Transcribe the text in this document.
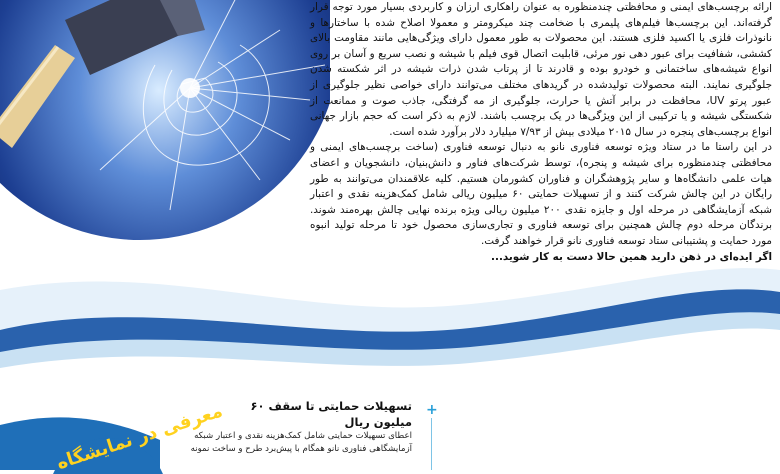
ارائه برچسب‌های ایمنی و محافظتی چندمنظوره به عنوان راهکاری ارزان و کاربردی بسیار مورد توجه قرار گرفته‌اند. این برچسب‌ها فیلم‌های پلیمری با ضخامت چند میکرومتر و معمولا اصلاح شده با ساختارها و نانوذرات فلزی یا اکسید فلزی هستند. این محصولات به طور معمول دارای ویژگی‌هایی مانند مقاومت بالای کششی، شفافیت برای عبور دهی نور مرئی، قابلیت اتصال قوی فیلم با شیشه و نصب سریع و آسان بر روی انواع شیشه‌های ساختمانی و خودرو بوده و قادرند تا از پرتاب شدن ذرات شیشه در اثر شکسته شدن جلوگیری نمایند. البته محصولات تولیدشده در گریدهای مختلف می‌توانند دارای خواصی نظیر جلوگیری از عبور پرتو UV، محافظت در برابر آتش یا حرارت، جلوگیری از مه گرفتگی، جاذب صوت و ممانعت از شکستگی شیشه و یا ترکیبی از این ویژگی‌ها در یک برچسب باشند. لازم به ذکر است که حجم بازار جهانی انواع برچسب‌های پنجره در سال ۲۰۱۵ میلادی بیش از ۷/۹۳ میلیارد دلار برآورد شده است.

در این راستا ما در ستاد ویژه توسعه فناوری نانو به دنبال توسعه فناوری (ساخت برچسب‌های ایمنی و محافظتی چندمنظوره برای شیشه و پنجره)، توسط شرکت‌های فناور و دانش‌بنیان، دانشجویان و اعضای هیات علمی دانشگاه‌ها و سایر پژوهشگران و فناوران کشورمان هستیم. کلیه علاقمندان می‌توانند به طور رایگان در این چالش شرکت کنند و از تسهیلات حمایتی ۶۰ میلیون ریالی شامل کمک‌هزینه نقدی و اعتبار شبکه آزمایشگاهی در مرحله اول و جایزه نقدی ۲۰۰ میلیون ریالی ویژه برنده نهایی چالش بهره‌مند شوند. برندگان مرحله دوم چالش همچنین برای توسعه فناوری و تجاری‌سازی محصول خود تا مرحله تولید انبوه مورد حمایت و پشتیبانی ستاد توسعه فناوری نانو قرار خواهند گرفت.

اگر ایده‌ای در ذهن دارید همین حالا دست به کار شوید...

+
تسهیلات حمایتی تا سقف ۶۰ میلیون ریال
اعطای تسهیلات حمایتی شامل کمک‌هزینه نقدی و اعتبار شبکه
آزمایشگاهی فناوری نانو همگام با پیش‌برد طرح و ساخت نمونه
معرفی در نمایشگاه
